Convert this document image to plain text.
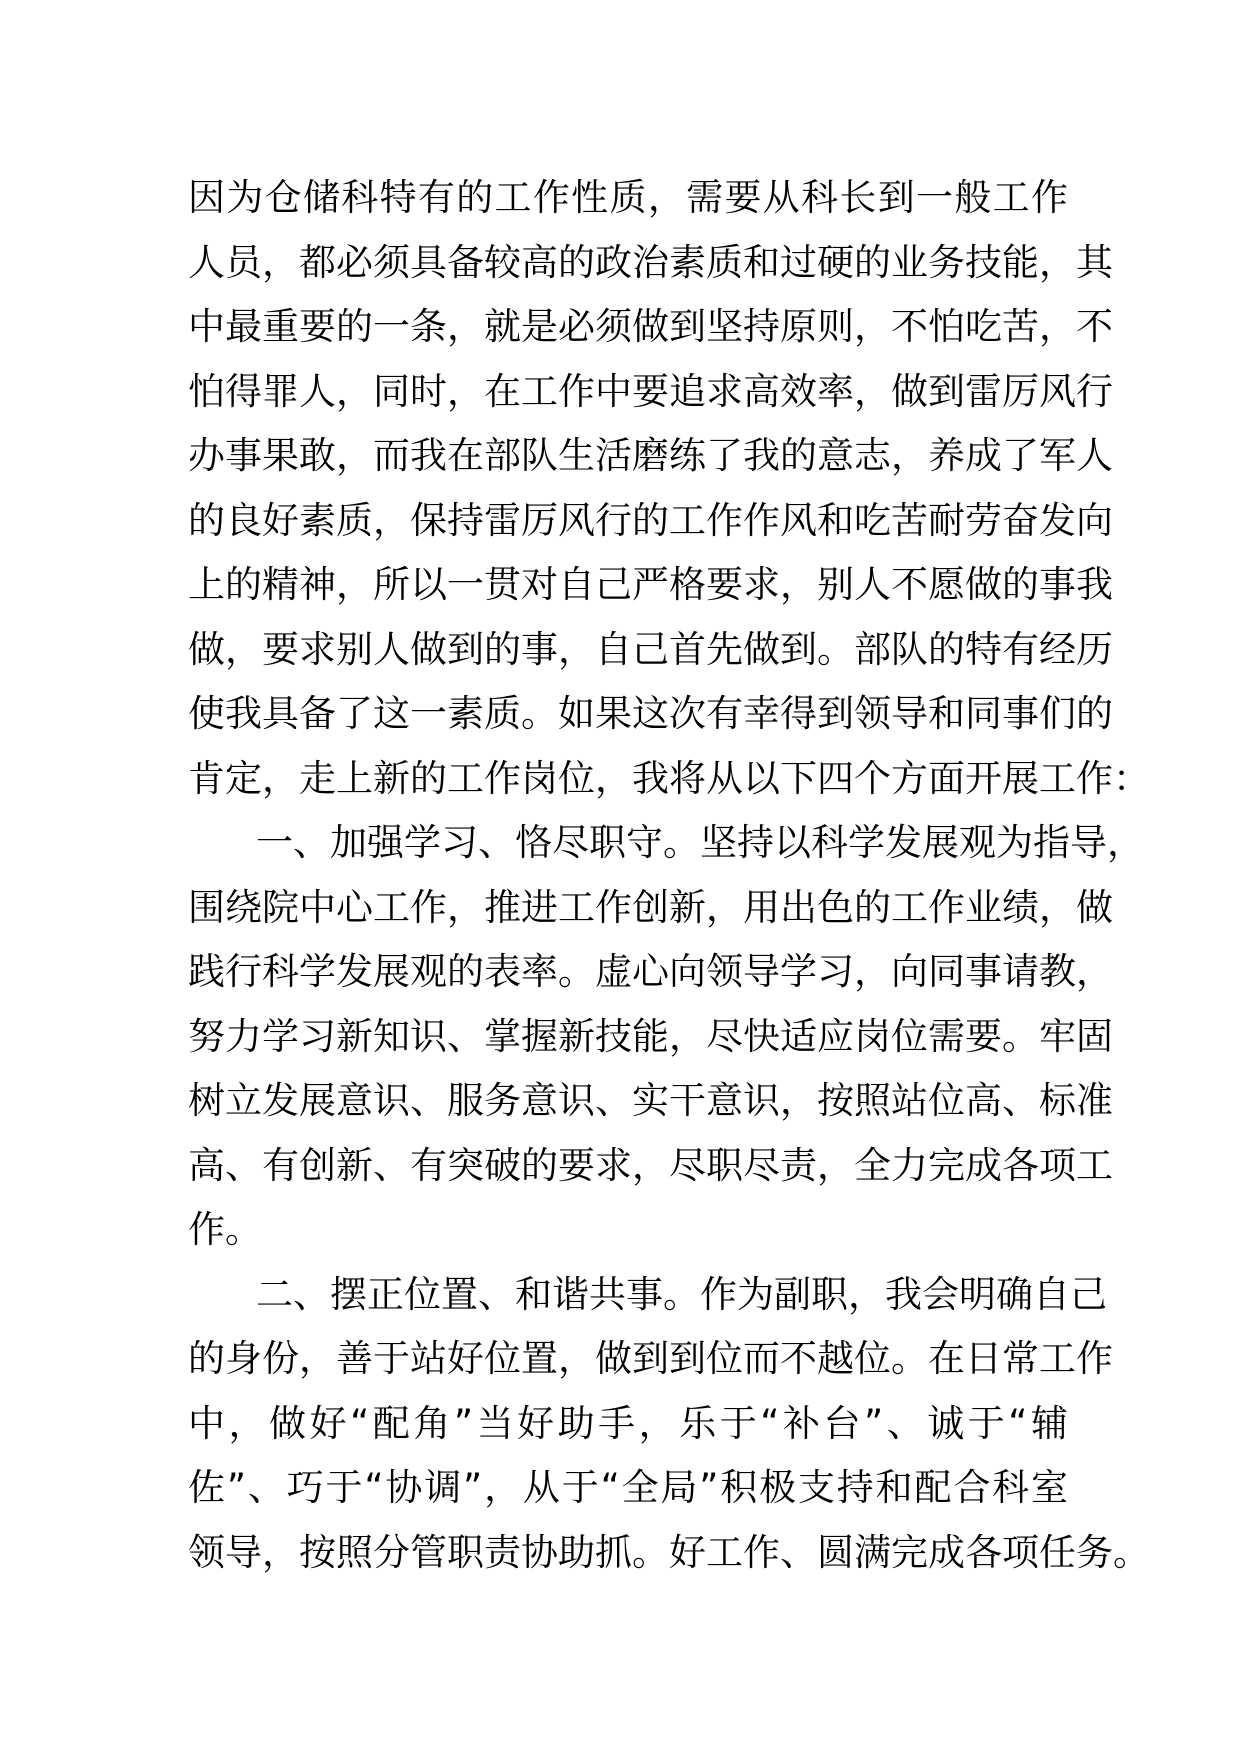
因为仓储科特有的工作性质，需要从科长到一般工作
人员，都必须具备较高的政治素质和过硬的业务技能，其
中最重要的一条，就是必须做到坚持原则，不怕吃苦，不
怕得罪人，同时，在工作中要追求高效率，做到雷厉风行
办事果敢，而我在部队生活磨练了我的意志，养成了军人
的良好素质，保持雷厉风行的工作作风和吃苦耐劳奋发向
上的精神，所以一贯对自己严格要求，别人不愿做的事我
做，要求别人做到的事，自己首先做到。部队的特有经历
使我具备了这一素质。如果这次有幸得到领导和同事们的
肯定，走上新的工作岗位，我将从以下四个方面开展工作：
一、加强学习、恪尽职守。坚持以科学发展观为指导，
围绕院中心工作，推进工作创新，用出色的工作业绩，做
践行科学发展观的表率。虚心向领导学习，向同事请教，
努力学习新知识、掌握新技能，尽快适应岗位需要。牢固
树立发展意识、服务意识、实干意识，按照站位高、标准
高、有创新、有突破的要求，尽职尽责，全力完成各项工
作。
二、摆正位置、和谐共事。作为副职，我会明确自己
的身份，善于站好位置，做到到位而不越位。在日常工作
中，做好“配角”当好助手，乐于“补台”、诚于“辅
佐”、巧于“协调”，从于“全局”积极支持和配合科室
领导，按照分管职责协助抓。好工作、圆满完成各项任务。
